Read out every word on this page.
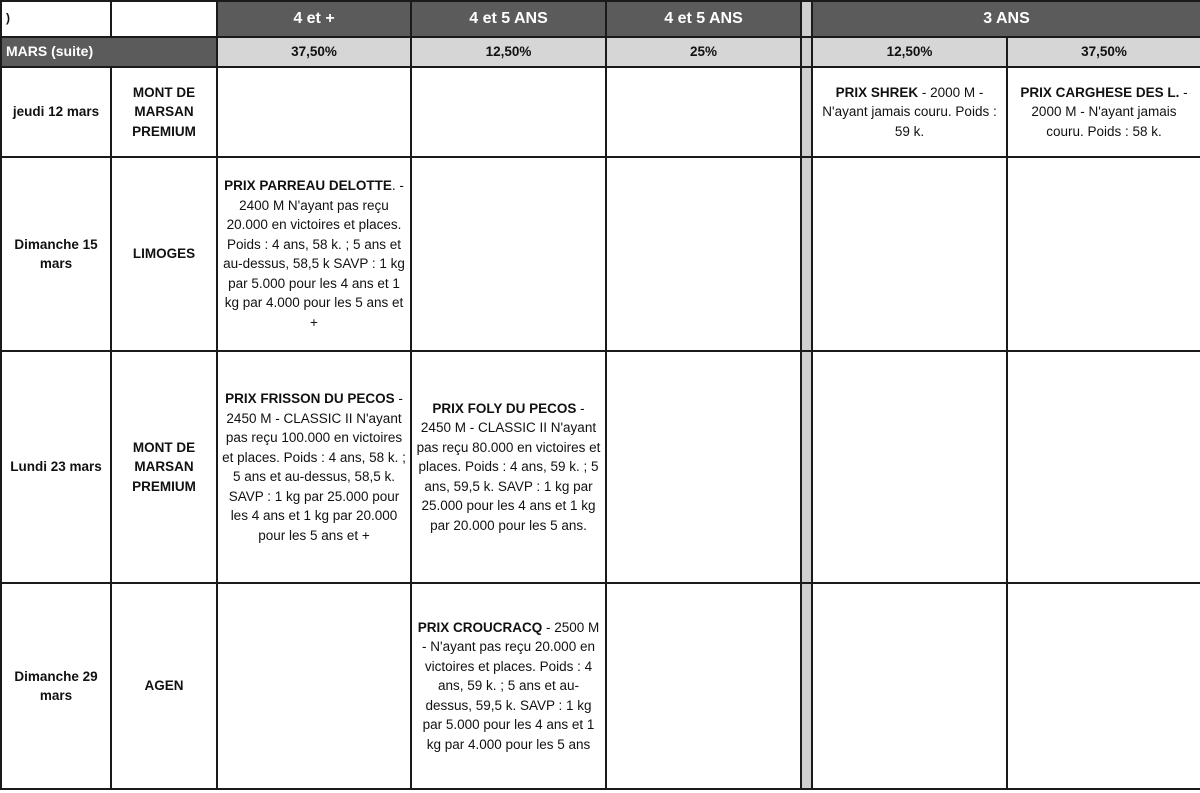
)		4 et +	4 et 5 ANS	4 et 5 ANS		3 ANS	
MARS (suite)		37,50%	12,50%	25%		12,50%	37,50%
jeudi 12 mars	MONT DE MARSAN PREMIUM					PRIX SHREK - 2000 M - N'ayant jamais couru. Poids : 59 k.	PRIX CARGHESE DES L. - 2000 M - N'ayant jamais couru. Poids : 58 k.
Dimanche 15 mars	LIMOGES	PRIX PARREAU DELOTTE. - 2400 M N'ayant pas reçu 20.000 en victoires et places. Poids : 4 ans, 58 k. ; 5 ans et au-dessus, 58,5 k SAVP : 1 kg par 5.000 pour les 4 ans et 1 kg par 4.000 pour les 5 ans et +					
Lundi 23 mars	MONT DE MARSAN PREMIUM	PRIX FRISSON DU PECOS - 2450 M - CLASSIC II N'ayant pas reçu 100.000 en victoires et places. Poids : 4 ans, 58 k. ; 5 ans et au-dessus, 58,5 k. SAVP : 1 kg par 25.000 pour les 4 ans et 1 kg par 20.000 pour les 5 ans et +	PRIX FOLY DU PECOS - 2450 M - CLASSIC II N'ayant pas reçu 80.000 en victoires et places. Poids : 4 ans, 59 k. ; 5 ans, 59,5 k. SAVP : 1 kg par 25.000 pour les 4 ans et 1 kg par 20.000 pour les 5 ans.				
Dimanche 29 mars	AGEN		PRIX CROUCRACQ - 2500 M - N'ayant pas reçu 20.000 en victoires et places. Poids : 4 ans, 59 k. ; 5 ans et au-dessus, 59,5 k. SAVP : 1 kg par 5.000 pour les 4 ans et 1 kg par 4.000 pour les 5 ans				
